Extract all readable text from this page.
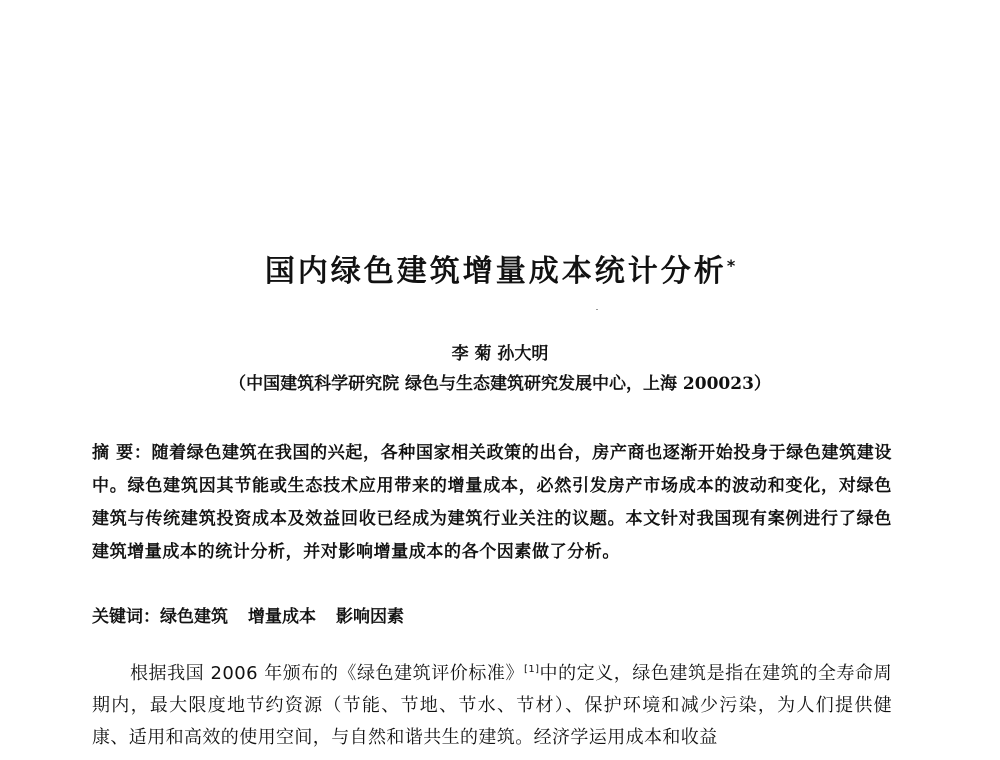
国内绿色建筑增量成本统计分析*
李 菊 孙大明
（中国建筑科学研究院 绿色与生态建筑研究发展中心，上海 200023）

摘 要：随着绿色建筑在我国的兴起，各种国家相关政策的出台，房产商也逐渐开始投身于绿色建筑建设中。绿色建筑因其节能或生态技术应用带来的增量成本，必然引发房产市场成本的波动和变化，对绿色建筑与传统建筑投资成本及效益回收已经成为建筑行业关注的议题。本文针对我国现有案例进行了绿色建筑增量成本的统计分析，并对影响增量成本的各个因素做了分析。

关键词：绿色建筑 增量成本 影响因素

根据我国 2006 年颁布的《绿色建筑评价标准》[1]中的定义，绿色建筑是指在建筑的全寿命周期内，最大限度地节约资源（节能、节地、节水、节材）、保护环境和减少污染，为人们提供健康、适用和高效的使用空间，与自然和谐共生的建筑。经济学运用成本和收益
